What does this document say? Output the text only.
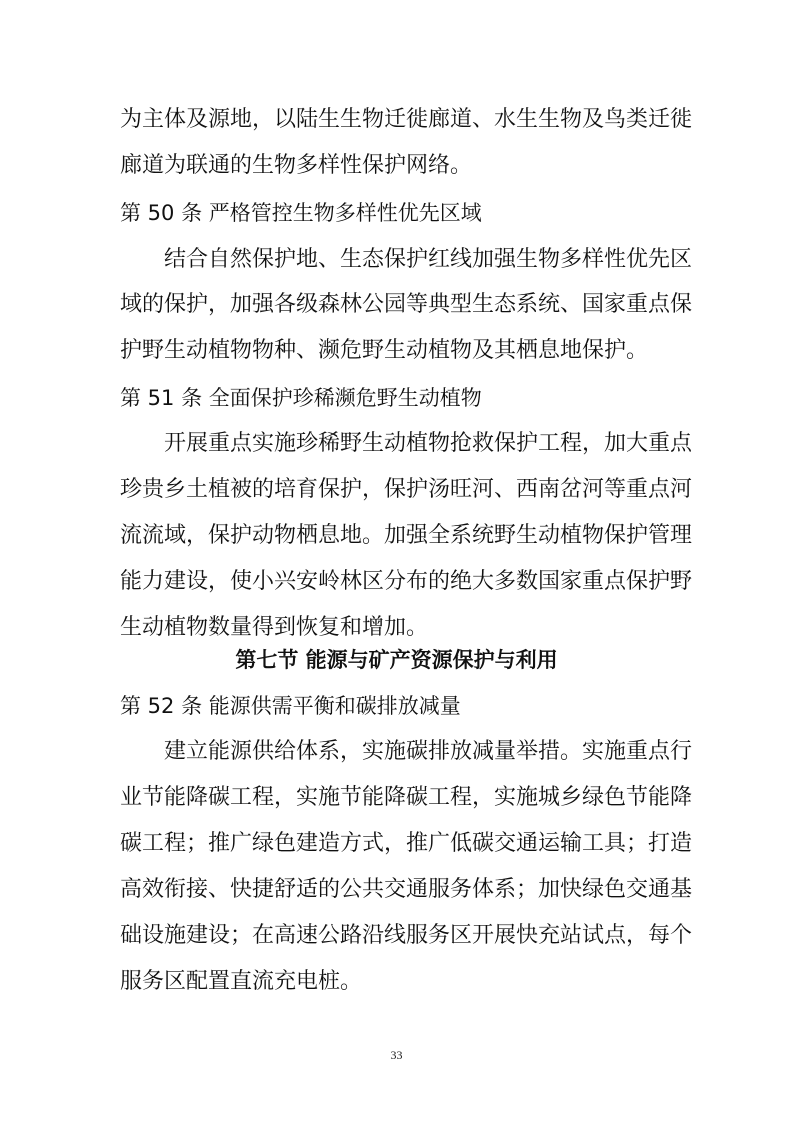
为主体及源地，以陆生生物迁徙廊道、水生生物及鸟类迁徙
廊道为联通的生物多样性保护网络。
第 50 条 严格管控生物多样性优先区域
结合自然保护地、生态保护红线加强生物多样性优先区
域的保护，加强各级森林公园等典型生态系统、国家重点保
护野生动植物物种、濒危野生动植物及其栖息地保护。
第 51 条 全面保护珍稀濒危野生动植物
开展重点实施珍稀野生动植物抢救保护工程，加大重点
珍贵乡土植被的培育保护，保护汤旺河、西南岔河等重点河
流流域，保护动物栖息地。加强全系统野生动植物保护管理
能力建设，使小兴安岭林区分布的绝大多数国家重点保护野
生动植物数量得到恢复和增加。
第七节 能源与矿产资源保护与利用
第 52 条 能源供需平衡和碳排放减量
建立能源供给体系，实施碳排放减量举措。实施重点行
业节能降碳工程，实施节能降碳工程，实施城乡绿色节能降
碳工程；推广绿色建造方式，推广低碳交通运输工具；打造
高效衔接、快捷舒适的公共交通服务体系；加快绿色交通基
础设施建设；在高速公路沿线服务区开展快充站试点，每个
服务区配置直流充电桩。
33
